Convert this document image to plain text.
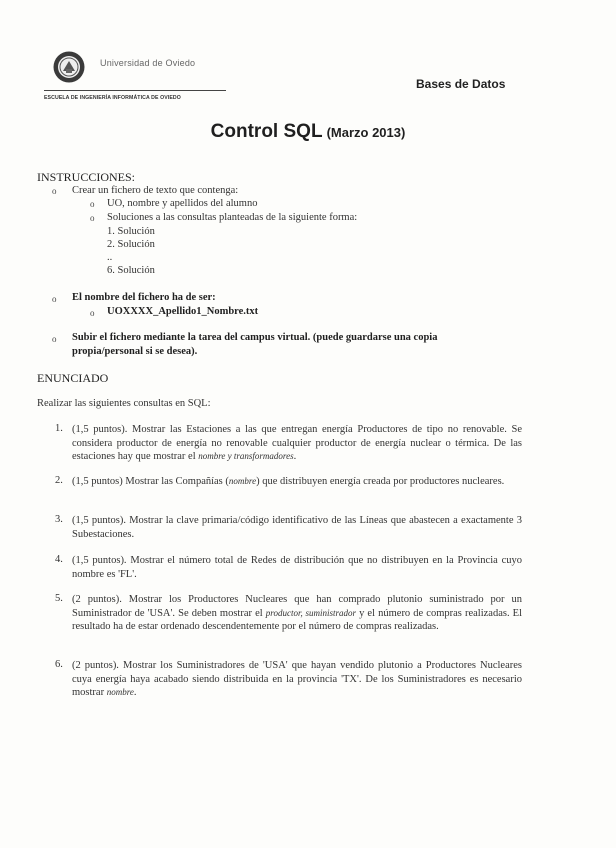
Universidad de Oviedo
ESCUELA DE INGENIERÍA INFORMÁTICA DE OVIEDO
Bases de Datos
Control SQL (Marzo 2013)
INSTRUCCIONES:
o Crear un fichero de texto que contenga:
o UO, nombre y apellidos del alumno
o Soluciones a las consultas planteadas de la siguiente forma:
1. Solución
2. Solución
..
6. Solución
o El nombre del fichero ha de ser:
o UOXXXX_Apellido1_Nombre.txt
o Subir el fichero mediante la tarea del campus virtual. (puede guardarse una copia
propia/personal si se desea).
ENUNCIADO
Realizar las siguientes consultas en SQL:
1. (1,5 puntos). Mostrar las Estaciones a las que entregan energía Productores de tipo no renovable. Se considera productor de energía no renovable cualquier productor de energía nuclear o térmica. De las estaciones hay que mostrar el nombre y transformadores.
2. (1,5 puntos) Mostrar las Compañías (nombre) que distribuyen energía creada por productores nucleares.
3. (1,5 puntos). Mostrar la clave primaria/código identificativo de las Líneas que abastecen a exactamente 3 Subestaciones.
4. (1,5 puntos). Mostrar el número total de Redes de distribución que no distribuyen en la Provincia cuyo nombre es 'FL'.
5. (2 puntos). Mostrar los Productores Nucleares que han comprado plutonio suministrado por un Suministrador de 'USA'. Se deben mostrar el productor, suministrador y el número de compras realizadas. El resultado ha de estar ordenado descendentemente por el número de compras realizadas.
6. (2 puntos). Mostrar los Suministradores de 'USA' que hayan vendido plutonio a Productores Nucleares cuya energía haya acabado siendo distribuida en la provincia 'TX'. De los Suministradores es necesario mostrar nombre.
